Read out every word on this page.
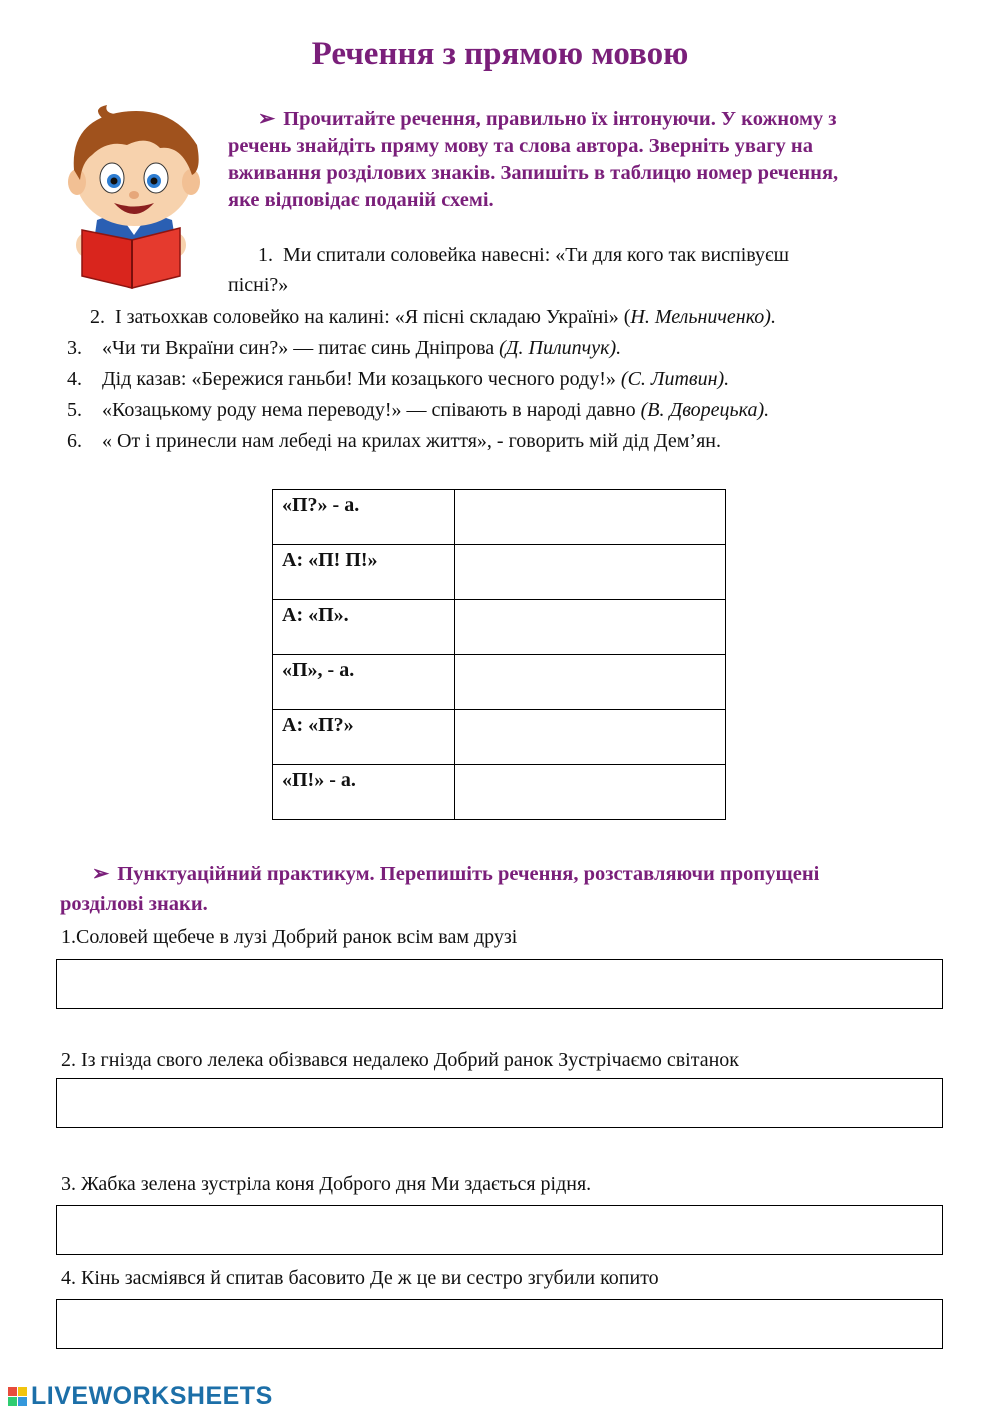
Речення з прямою мовою
➢ Прочитайте речення, правильно їх інтонуючи. У кожному з
речень знайдіть пряму мову та слова автора. Зверніть увагу на
вживання розділових знаків. Запишіть в таблицю номер речення,
яке відповідає поданій схемі.
1. Ми спитали соловейка навесні: «Ти для кого так виспівуєш
пісні?»
2. І затьохкав соловейко на калині: «Я пісні складаю Україні» (Н. Мельниченко).
3. «Чи ти Вкраїни син?» — питає синь Дніпрова (Д. Пилипчук).
4. Дід казав: «Бережися ганьби! Ми козацького чесного роду!» (С. Литвин).
5. «Козацькому роду нема переводу!» — співають в народі давно (В. Дворецька).
6. « От і принесли нам лебеді на крилах життя», - говорить мій дід Дем’ян.
«П?» - а.	
А: «П! П!»	
А: «П».	
«П», - а.	
А: «П?»	
«П!» - а.	
➢ Пунктуаційний практикум. Перепишіть речення, розставляючи пропущені
розділові знаки.
1.Соловей щебече в лузі Добрий ранок всім вам друзі
2. Із гнізда свого лелека обізвався недалеко Добрий ранок Зустрічаємо світанок
3. Жабка зелена зустріла коня Доброго дня Ми здається рідня.
4. Кінь засміявся й спитав басовито Де ж це ви сестро згубили копито
LIVEWORKSHEETS
